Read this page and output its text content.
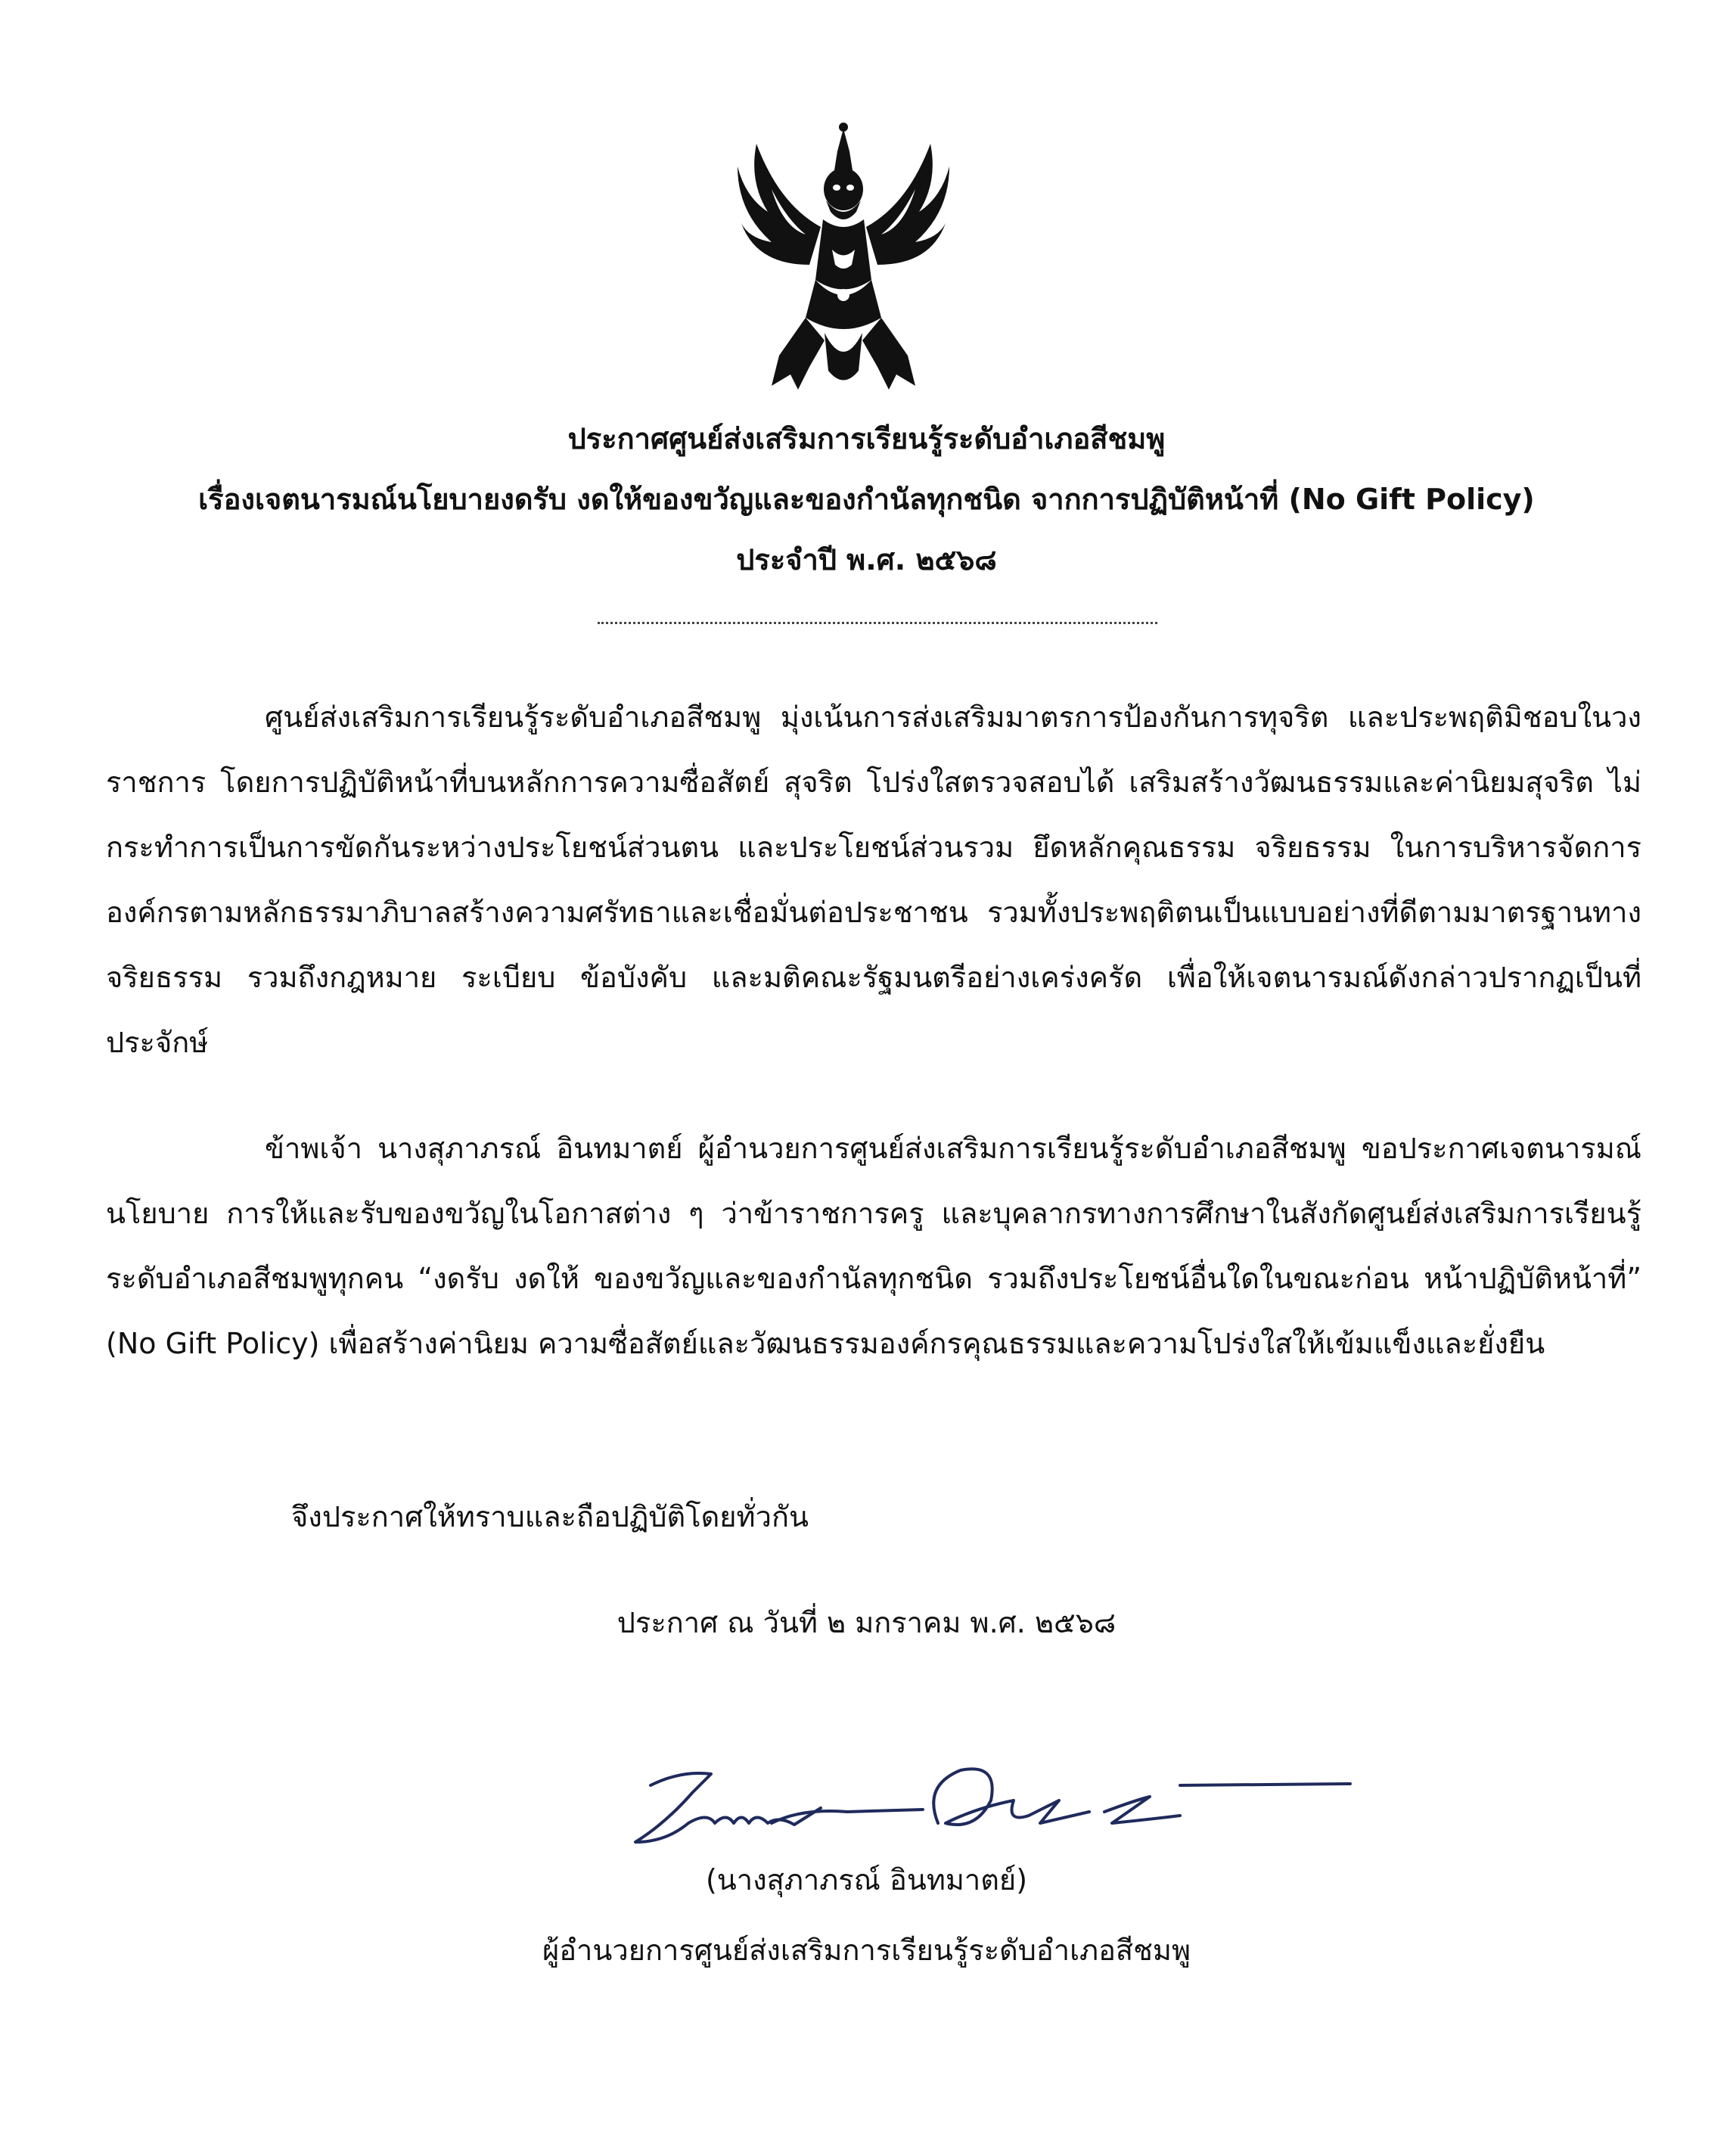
ประกาศศูนย์ส่งเสริมการเรียนรู้ระดับอำเภอสีชมพู
เรื่องเจตนารมณ์นโยบายงดรับ งดให้ของขวัญและของกำนัลทุกชนิด จากการปฏิบัติหน้าที่ (No Gift Policy)
ประจำปี พ.ศ. ๒๕๖๘
ศูนย์ส่งเสริมการเรียนรู้ระดับอำเภอสีชมพู มุ่งเน้นการส่งเสริมมาตรการป้องกันการทุจริต และประพฤติมิชอบในวงราชการ โดยการปฏิบัติหน้าที่บนหลักการความซื่อสัตย์ สุจริต โปร่งใสตรวจสอบได้ เสริมสร้างวัฒนธรรมและค่านิยมสุจริต ไม่กระทำการเป็นการขัดกันระหว่างประโยชน์ส่วนตน และประโยชน์ส่วนรวม ยึดหลักคุณธรรม จริยธรรม ในการบริหารจัดการองค์กรตามหลักธรรมาภิบาลสร้างความศรัทธาและเชื่อมั่นต่อประชาชน รวมทั้งประพฤติตนเป็นแบบอย่างที่ดีตามมาตรฐานทางจริยธรรม รวมถึงกฎหมาย ระเบียบ ข้อบังคับ และมติคณะรัฐมนตรีอย่างเคร่งครัด เพื่อให้เจตนารมณ์ดังกล่าวปรากฏเป็นที่ประจักษ์
ข้าพเจ้า นางสุภาภรณ์ อินทมาตย์ ผู้อำนวยการศูนย์ส่งเสริมการเรียนรู้ระดับอำเภอสีชมพู ขอประกาศเจตนารมณ์นโยบาย การให้และรับของขวัญในโอกาสต่าง ๆ ว่าข้าราชการครู และบุคลากรทางการศึกษาในสังกัดศูนย์ส่งเสริมการเรียนรู้ระดับอำเภอสีชมพูทุกคน “งดรับ งดให้ ของขวัญและของกำนัลทุกชนิด รวมถึงประโยชน์อื่นใดในขณะก่อน หน้าปฏิบัติหน้าที่” (No Gift Policy) เพื่อสร้างค่านิยม ความซื่อสัตย์และวัฒนธรรมองค์กรคุณธรรมและความโปร่งใสให้เข้มแข็งและยั่งยืน
จึงประกาศให้ทราบและถือปฏิบัติโดยทั่วกัน
ประกาศ ณ วันที่ ๒ มกราคม พ.ศ. ๒๕๖๘
(นางสุภาภรณ์ อินทมาตย์)
ผู้อำนวยการศูนย์ส่งเสริมการเรียนรู้ระดับอำเภอสีชมพู
